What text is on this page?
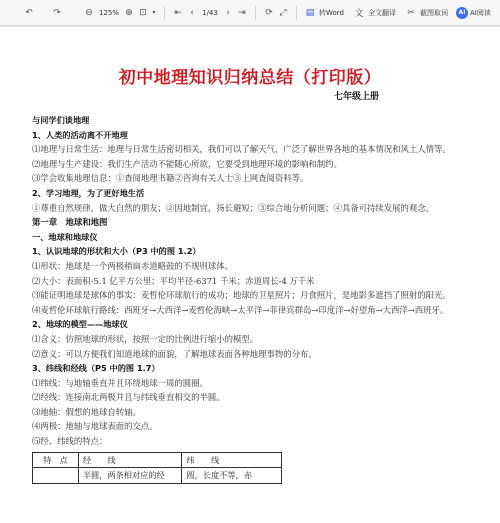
↶	↷	⊖ 125% ⊕ ⊡ ▾	⇤ ‹	1/43 › ⇥	⟳ ⤢	▤ 转Word 文 全文翻译	✂ 截图取词	AI AI阅读
初中地理知识归纳总结（打印版）
七年级上册
与同学们谈地理
1、人类的活动离不开地理
⑴地理与日常生活：地理与日常生活密切相关，我们可以了解天气，广泛了解世界各地的基本情况和风土人情等。
⑵地理与生产建设：我们生产活动不能随心所欲，它要受到地理环境的影响和制约。
⑶学会收集地理信息：①查阅地理书籍②咨询有关人士③上网查阅资料等。
2、学习地理，为了更好地生活
①尊重自然规律，做大自然的朋友；②因地制宜，扬长避短；③综合地分析问题；④具备可持续发展的观念。
第一章　地球和地图
一、地球和地球仪
1、认识地球的形状和大小（P3 中的图 1.2）
⑴形状：地球是一个两极稍扁赤道略鼓的不规则球体。
⑵大小：表面积-5.1 亿平方公里；平均半径-6371 千米；赤道周长-4 万千米
⑶能证明地球是球体的事实：麦哲伦环球航行的成功；地球的卫星照片；月食照片，是地影多遮挡了照射的阳光。
⑷麦哲伦环球航行路线：西班牙→大西洋→麦哲伦海峡→太平洋→菲律宾群岛→印度洋→好望角→大西洋→西班牙。
2、地球的模型——地球仪
⑴含义：仿照地球的形状，按照一定的比例进行缩小的模型。
⑵意义：可以方便我们知道地球的面貌，了解地球表面各种地理事物的分布。
3、纬线和经线（P5 中的图 1.7）
⑴纬线：与地轴垂直并且环绕地球一周的圆圈。
⑵经线：连接南北两极并且与纬线垂直相交的半圆。
⑶地轴：假想的地球自转轴。
⑷两极：地轴与地球表面的交点。
⑸经、纬线的特点：
特　点	经　　线	纬　　线
	半圆，两条相对应的经	圆，长度不等，赤
